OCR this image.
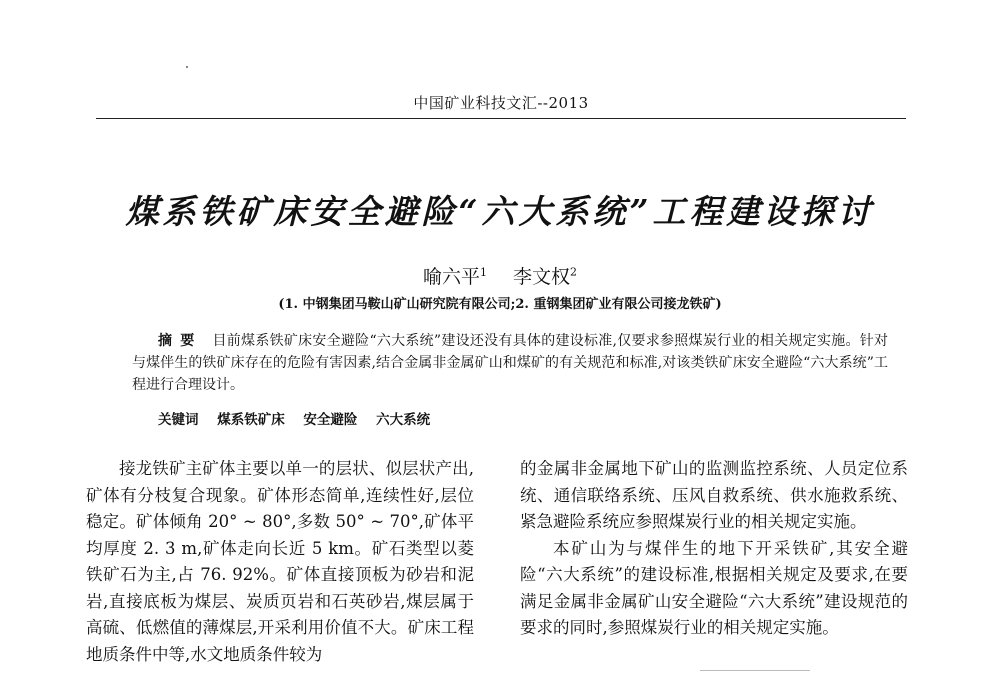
中国矿业科技文汇--2013
煤系铁矿床安全避险“六大系统”工程建设探讨
喻六平$^1$ 李文权$^2$
(1. 中钢集团马鞍山矿山研究院有限公司;2. 重钢集团矿业有限公司接龙铁矿)
摘要 目前煤系铁矿床安全避险“六大系统”建设还没有具体的建设标准,仅要求参照煤炭行业的相关规定实施。针对与煤伴生的铁矿床存在的危险有害因素,结合金属非金属矿山和煤矿的有关规范和标准,对该类铁矿床安全避险“六大系统”工程进行合理设计。
关键词 煤系铁矿床 安全避险 六大系统

接龙铁矿主矿体主要以单一的层状、似层状产出,矿体有分枝复合现象。矿体形态简单,连续性好,层位稳定。矿体倾角 20° ~ 80°,多数 50° ~ 70°,矿体平均厚度 2. 3 m,矿体走向长近 5 km。矿石类型以菱铁矿石为主,占 76. 92%。矿体直接顶板为砂岩和泥岩,直接底板为煤层、炭质页岩和石英砂岩,煤层属于高硫、低燃值的薄煤层,开采利用价值不大。矿床工程地质条件中等,水文地质条件较为

的金属非金属地下矿山的监测监控系统、人员定位系统、通信联络系统、压风自救系统、供水施救系统、紧急避险系统应参照煤炭行业的相关规定实施。

本矿山为与煤伴生的地下开采铁矿,其安全避险“六大系统”的建设标准,根据相关规定及要求,在要满足金属非金属矿山安全避险“六大系统”建设规范的要求的同时,参照煤炭行业的相关规定实施。
